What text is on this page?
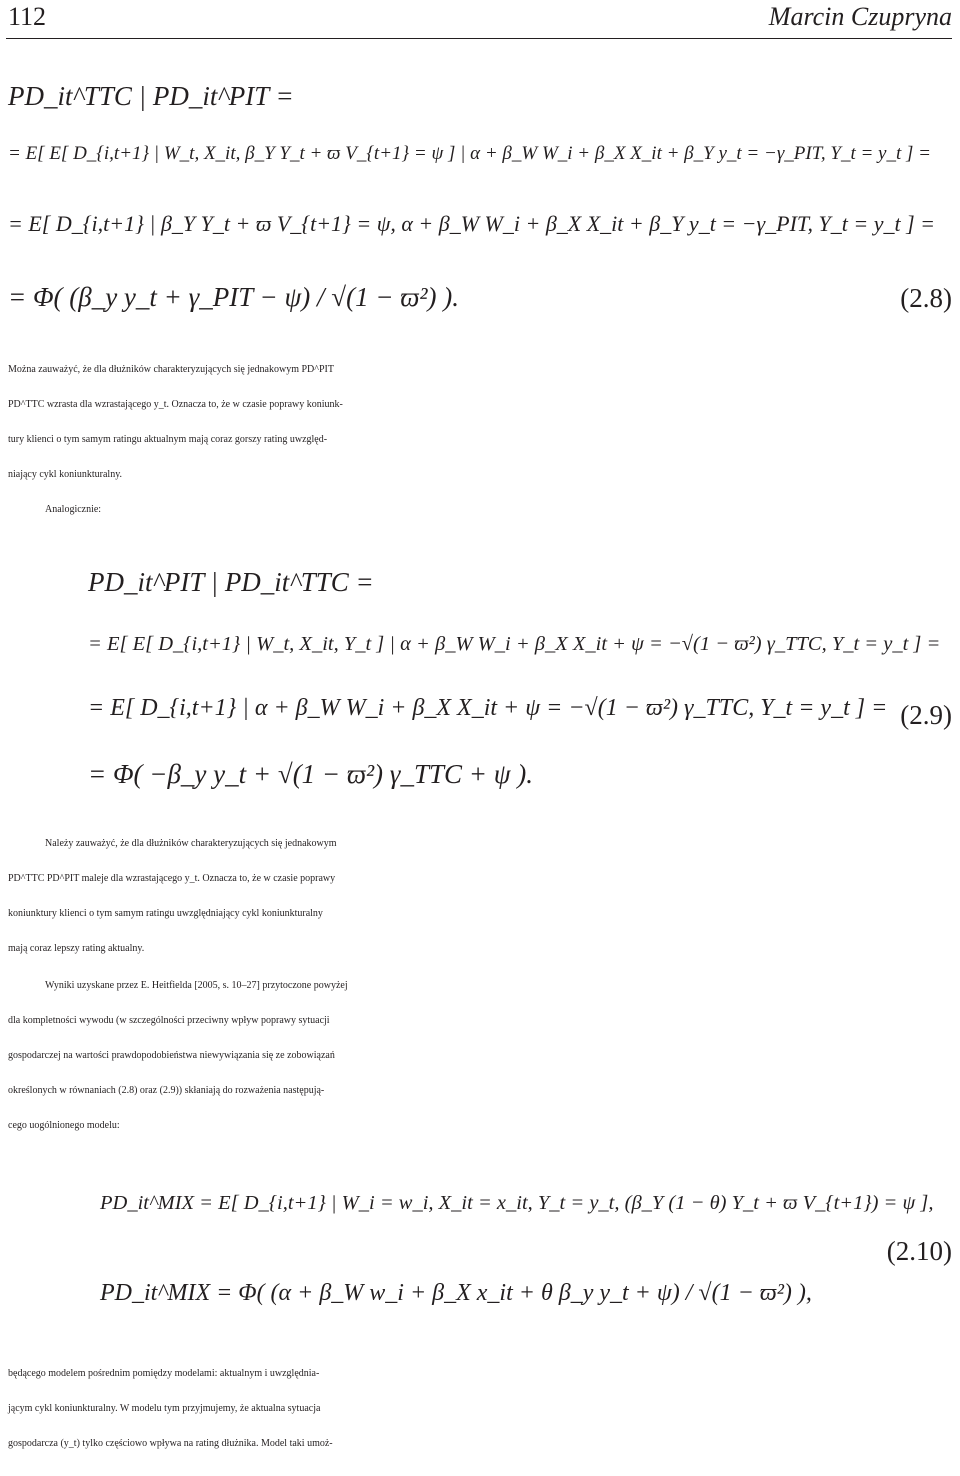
112	Marcin Czupryna
PD_it^TTC | PD_it^PIT =
= E[ E[ D_{i,t+1} | W_t, X_it, β_Y Y_t + ϖ V_{t+1} = ψ ] | α + β_W W_i + β_X X_it + β_Y y_t = −γ_PIT, Y_t = y_t ] =
= E[ D_{i,t+1} | β_Y Y_t + ϖ V_{t+1} = ψ, α + β_W W_i + β_X X_it + β_Y y_t = −γ_PIT, Y_t = y_t ] =
= Φ( (β_y y_t + γ_PIT − ψ) / √(1 − ϖ²) ).	(2.8)
Można zauważyć, że dla dłużników charakteryzujących się jednakowym PD^PIT
PD^TTC wzrasta dla wzrastającego y_t. Oznacza to, że w czasie poprawy koniunk-
tury klienci o tym samym ratingu aktualnym mają coraz gorszy rating uwzględ-
niający cykl koniunkturalny.
Analogicznie:
PD_it^PIT | PD_it^TTC =
= E[ E[ D_{i,t+1} | W_t, X_it, Y_t ] | α + β_W W_i + β_X X_it + ψ = −√(1 − ϖ²) γ_TTC, Y_t = y_t ] =
= E[ D_{i,t+1} | α + β_W W_i + β_X X_it + ψ = −√(1 − ϖ²) γ_TTC, Y_t = y_t ] = (2.9)
= Φ( −β_y y_t + √(1 − ϖ²) γ_TTC + ψ ).
Należy zauważyć, że dla dłużników charakteryzujących się jednakowym
PD^TTC PD^PIT maleje dla wzrastającego y_t. Oznacza to, że w czasie poprawy
koniunktury klienci o tym samym ratingu uwzględniający cykl koniunkturalny
mają coraz lepszy rating aktualny.
Wyniki uzyskane przez E. Heitfielda [2005, s. 10–27] przytoczone powyżej
dla kompletności wywodu (w szczególności przeciwny wpływ poprawy sytuacji
gospodarczej na wartości prawdopodobieństwa niewywiązania się ze zobowiązań
określonych w równaniach (2.8) oraz (2.9)) skłaniają do rozważenia następują-
cego uogólnionego modelu:
PD_it^MIX = E[ D_{i,t+1} | W_i = w_i, X_it = x_it, Y_t = y_t, (β_Y (1 − θ) Y_t + ϖ V_{t+1}) = ψ ],
(2.10)
PD_it^MIX = Φ( (α + β_W w_i + β_X x_it + θ β_y y_t + ψ) / √(1 − ϖ²) ),
będącego modelem pośrednim pomiędzy modelami: aktualnym i uwzględnia-
jącym cykl koniunkturalny. W modelu tym przyjmujemy, że aktualna sytuacja
gospodarcza (y_t) tylko częściowo wpływa na rating dłużnika. Model taki umoż-
